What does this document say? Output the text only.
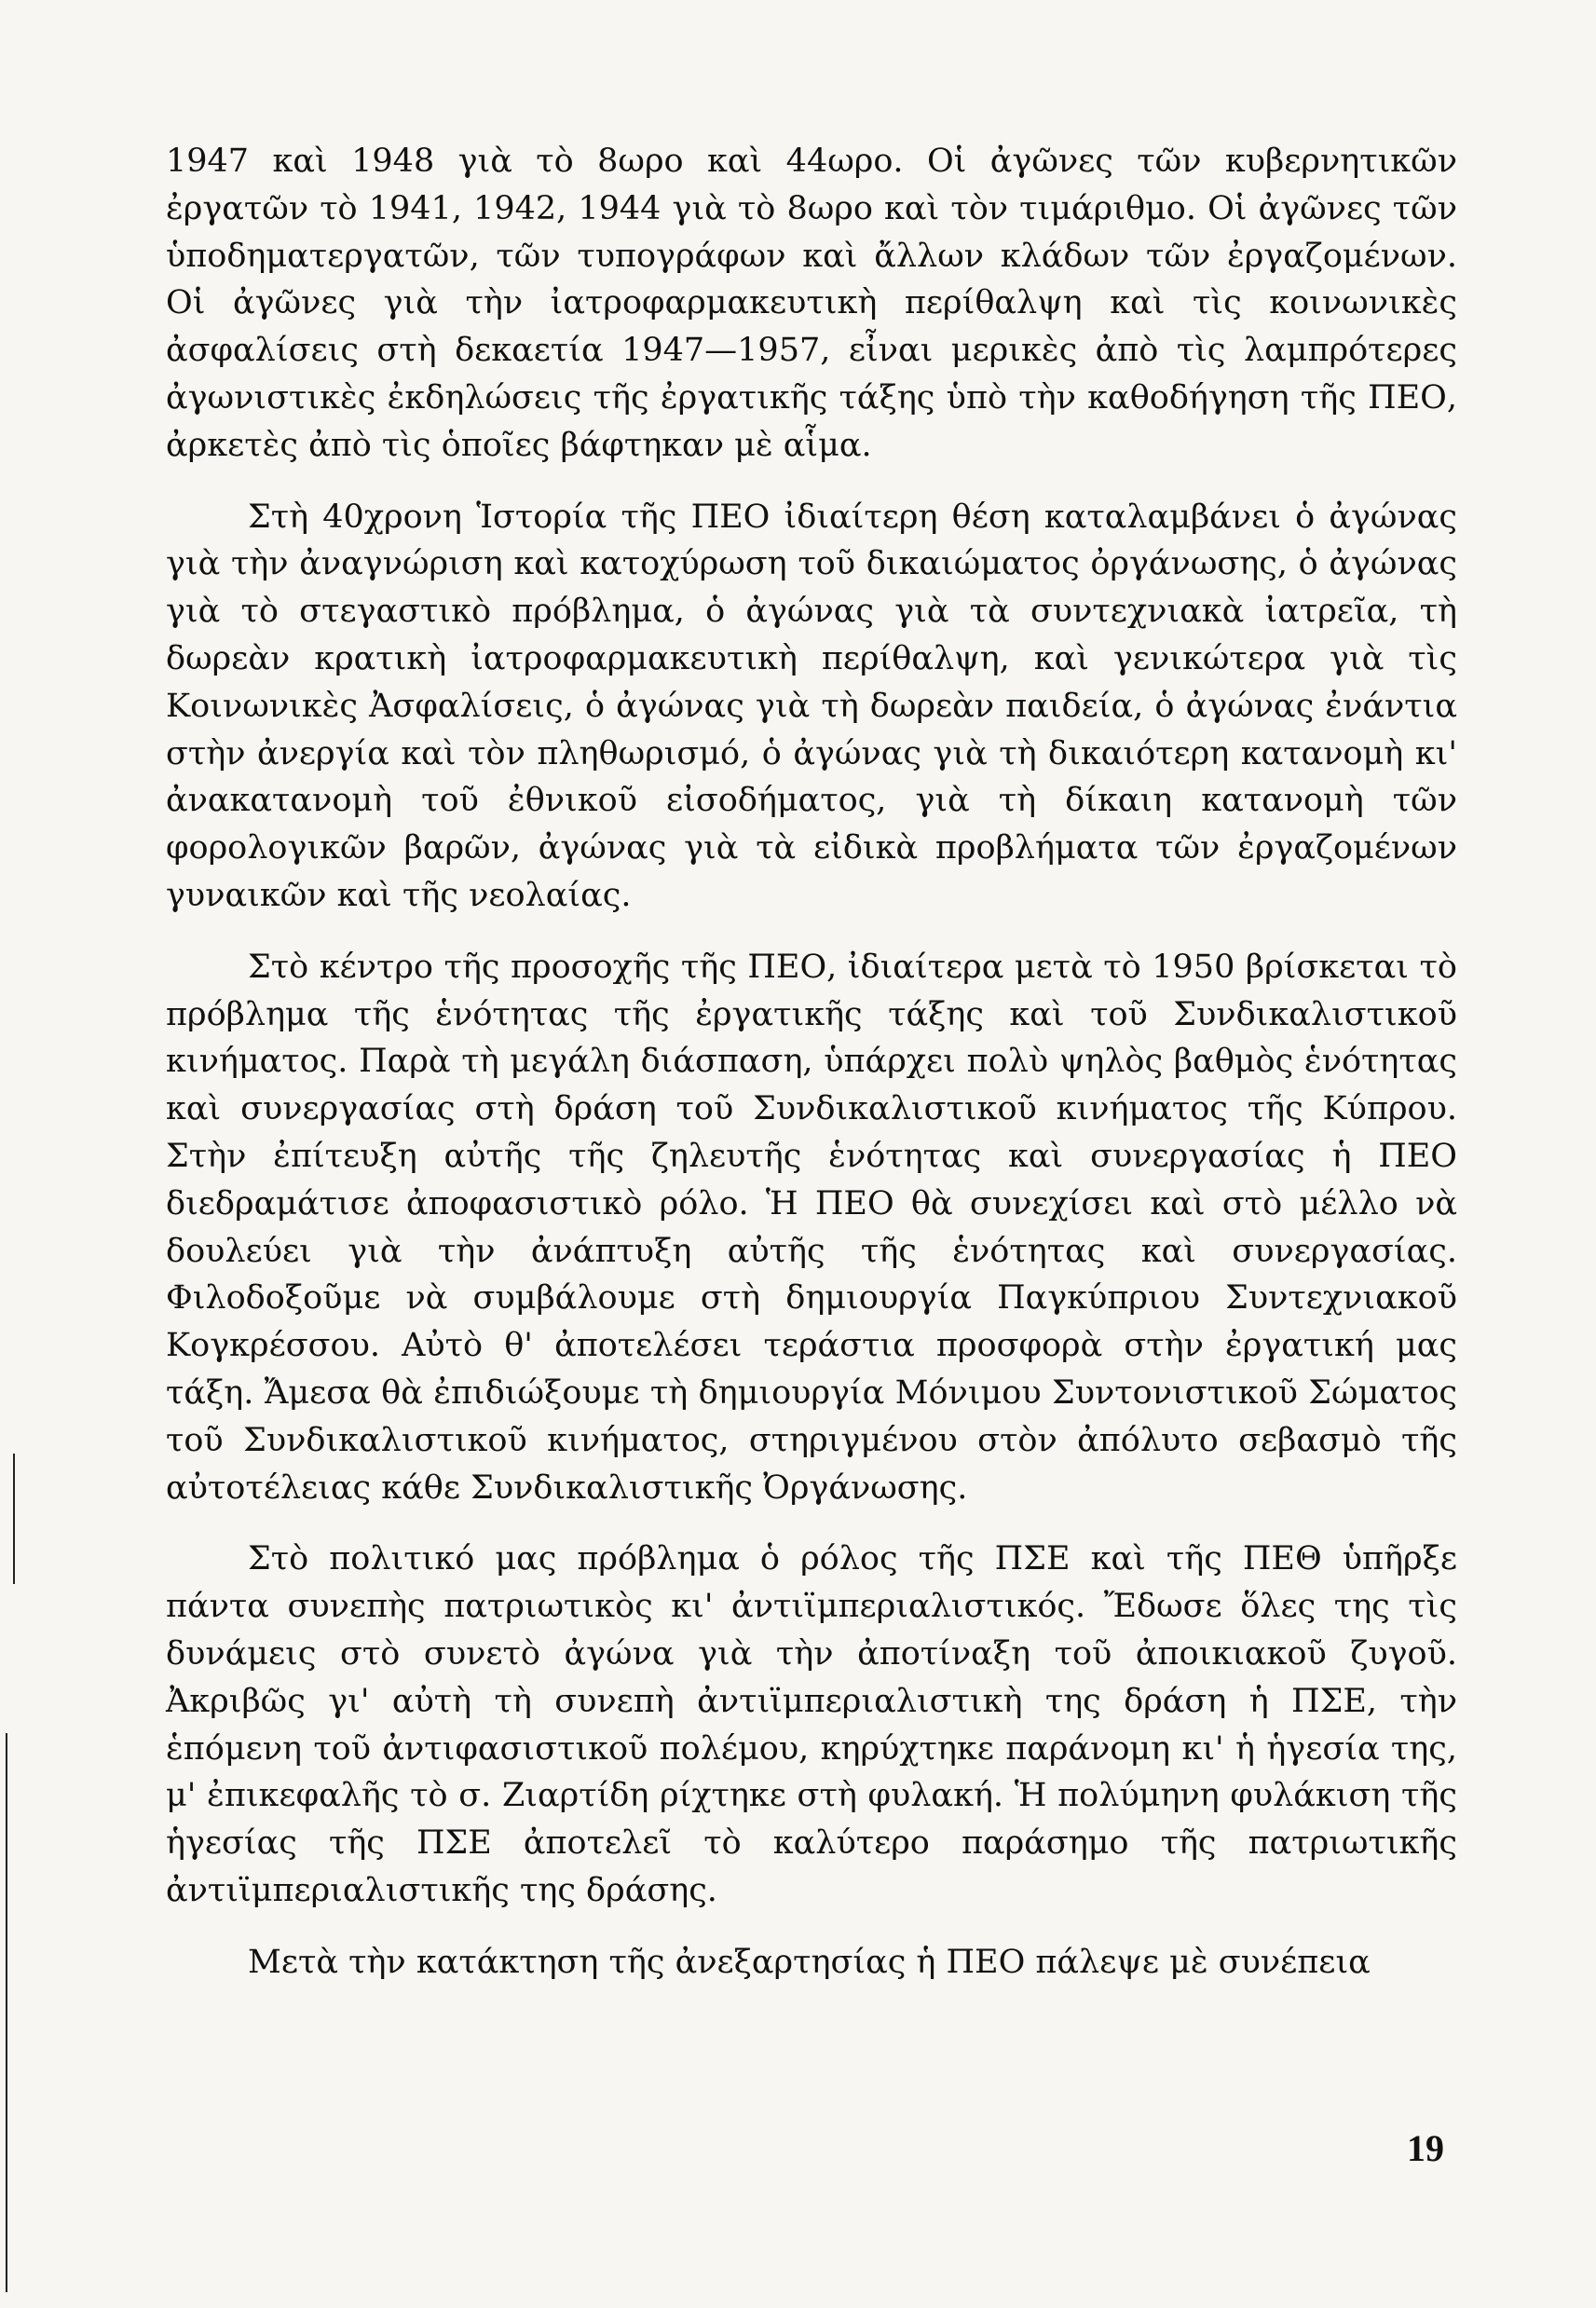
1947 καὶ 1948 γιὰ τὸ 8ωρο καὶ 44ωρο. Οἱ ἀγῶνες τῶν κυβερνητικῶν ἐργατῶν τὸ 1941, 1942, 1944 γιὰ τὸ 8ωρο καὶ τὸν τιμάριθμο. Οἱ ἀγῶνες τῶν ὑποδηματεργατῶν, τῶν τυπογράφων καὶ ἄλλων κλάδων τῶν ἐργαζομένων. Οἱ ἀγῶνες γιὰ τὴν ἰατροφαρμακευτικὴ περίθαλψη καὶ τὶς κοινωνικὲς ἀσφαλίσεις στὴ δεκαετία 1947—1957, εἶναι μερικὲς ἀπὸ τὶς λαμπρότερες ἀγωνιστικὲς ἐκδηλώσεις τῆς ἐργατικῆς τάξης ὑπὸ τὴν καθοδήγηση τῆς ΠΕΟ, ἀρκετὲς ἀπὸ τὶς ὁποῖες βάφτηκαν μὲ αἷμα.

Στὴ 40χρονη Ἱστορία τῆς ΠΕΟ ἰδιαίτερη θέση καταλαμβάνει ὁ ἀγώνας γιὰ τὴν ἀναγνώριση καὶ κατοχύρωση τοῦ δικαιώματος ὀργάνωσης, ὁ ἀγώνας γιὰ τὸ στεγαστικὸ πρόβλημα, ὁ ἀγώνας γιὰ τὰ συντεχνιακὰ ἰατρεῖα, τὴ δωρεὰν κρατικὴ ἰατροφαρμακευτικὴ περίθαλψη, καὶ γενικώτερα γιὰ τὶς Κοινωνικὲς Ἀσφαλίσεις, ὁ ἀγώνας γιὰ τὴ δωρεὰν παιδεία, ὁ ἀγώνας ἐνάντια στὴν ἀνεργία καὶ τὸν πληθωρισμό, ὁ ἀγώνας γιὰ τὴ δικαιότερη κατανομὴ κι' ἀνακατανομὴ τοῦ ἐθνικοῦ εἰσοδήματος, γιὰ τὴ δίκαιη κατανομὴ τῶν φορολογικῶν βαρῶν, ἀγώνας γιὰ τὰ εἰδικὰ προβλήματα τῶν ἐργαζομένων γυναικῶν καὶ τῆς νεολαίας.

Στὸ κέντρο τῆς προσοχῆς τῆς ΠΕΟ, ἰδιαίτερα μετὰ τὸ 1950 βρίσκεται τὸ πρόβλημα τῆς ἑνότητας τῆς ἐργατικῆς τάξης καὶ τοῦ Συνδικαλιστικοῦ κινήματος. Παρὰ τὴ μεγάλη διάσπαση, ὑπάρχει πολὺ ψηλὸς βαθμὸς ἑνότητας καὶ συνεργασίας στὴ δράση τοῦ Συνδικαλιστικοῦ κινήματος τῆς Κύπρου. Στὴν ἐπίτευξη αὐτῆς τῆς ζηλευτῆς ἑνότητας καὶ συνεργασίας ἡ ΠΕΟ διεδραμάτισε ἀποφασιστικὸ ρόλο. Ἡ ΠΕΟ θὰ συνεχίσει καὶ στὸ μέλλο νὰ δουλεύει γιὰ τὴν ἀνάπτυξη αὐτῆς τῆς ἑνότητας καὶ συνεργασίας. Φιλοδοξοῦμε νὰ συμβάλουμε στὴ δημιουργία Παγκύπριου Συντεχνιακοῦ Κογκρέσσου. Αὐτὸ θ' ἀποτελέσει τεράστια προσφορὰ στὴν ἐργατική μας τάξη. Ἄμεσα θὰ ἐπιδιώξουμε τὴ δημιουργία Μόνιμου Συντονιστικοῦ Σώματος τοῦ Συνδικαλιστικοῦ κινήματος, στηριγμένου στὸν ἀπόλυτο σεβασμὸ τῆς αὐτοτέλειας κάθε Συνδικαλιστικῆς Ὀργάνωσης.

Στὸ πολιτικό μας πρόβλημα ὁ ρόλος τῆς ΠΣΕ καὶ τῆς ΠΕΘ ὑπῆρξε πάντα συνεπὴς πατριωτικὸς κι' ἀντιϊμπεριαλιστικός. Ἔδωσε ὅλες της τὶς δυνάμεις στὸ συνετὸ ἀγώνα γιὰ τὴν ἀποτίναξη τοῦ ἀποικιακοῦ ζυγοῦ. Ἀκριβῶς γι' αὐτὴ τὴ συνεπὴ ἀντιϊμπεριαλιστικὴ της δράση ἡ ΠΣΕ, τὴν ἑπόμενη τοῦ ἀντιφασιστικοῦ πολέμου, κηρύχτηκε παράνομη κι' ἡ ἡγεσία της, μ' ἐπικεφαλῆς τὸ σ. Ζιαρτίδη ρίχτηκε στὴ φυλακή. Ἡ πολύμηνη φυλάκιση τῆς ἡγεσίας τῆς ΠΣΕ ἀποτελεῖ τὸ καλύτερο παράσημο τῆς πατριωτικῆς ἀντιϊμπεριαλιστικῆς της δράσης.

Μετὰ τὴν κατάκτηση τῆς ἀνεξαρτησίας ἡ ΠΕΟ πάλεψε μὲ συνέπεια

19
